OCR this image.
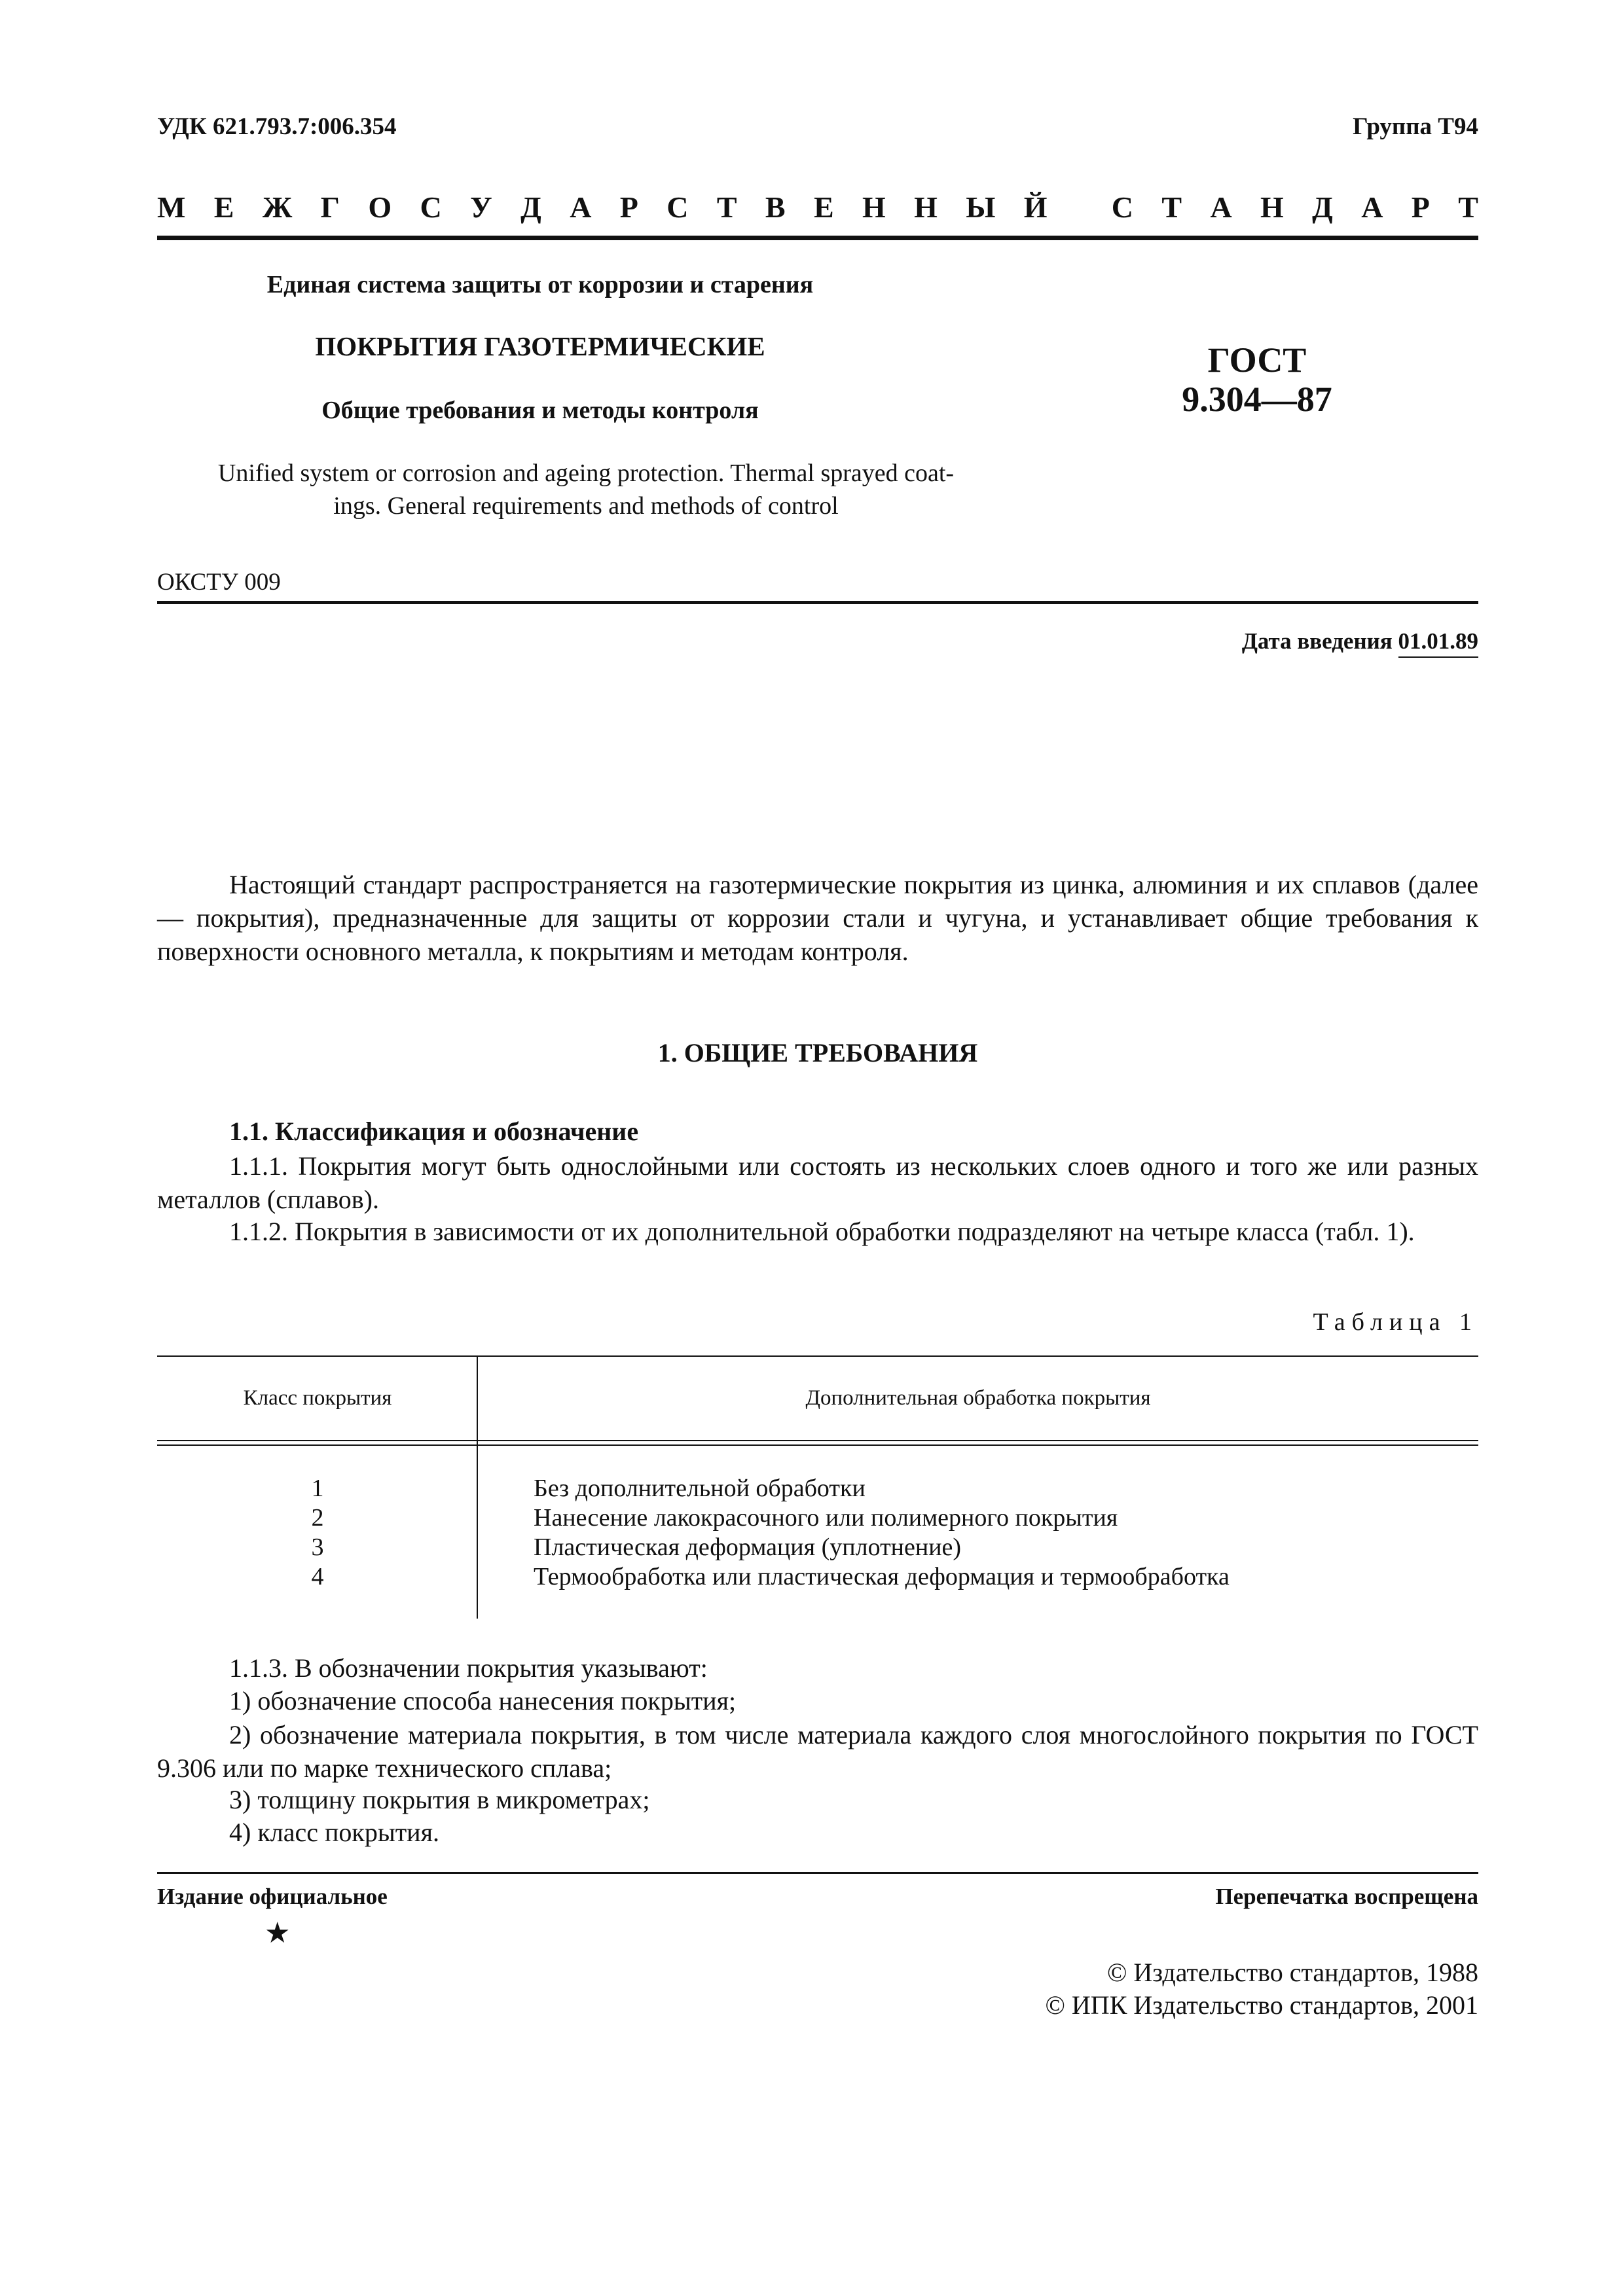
УДК 621.793.7:006.354	Группа Т94
М Е Ж Г О С У Д А Р С Т В Е Н Н Ы Й
С Т А Н Д А Р Т
Единая система защиты от коррозии и старения
ПОКРЫТИЯ ГАЗОТЕРМИЧЕСКИЕ
Общие требования и методы контроля
ГОСТ
9.304—87
Unified system or corrosion and ageing protection. Thermal sprayed coat-
ings. General requirements and methods of control
ОКСТУ 009
Дата введения 01.01.89
Настоящий стандарт распространяется на газотермические покрытия из цинка, алюминия и их сплавов (далее — покрытия), предназначенные для защиты от коррозии стали и чугуна, и устанавливает общие требования к поверхности основного металла, к покрытиям и методам контроля.
1. ОБЩИЕ ТРЕБОВАНИЯ
1.1. Классификация и обозначение
1.1.1. Покрытия могут быть однослойными или состоять из нескольких слоев одного и того же или разных металлов (сплавов).
1.1.2. Покрытия в зависимости от их дополнительной обработки подразделяют на четыре класса (табл. 1).
Таблица 1
Класс покрытия	Дополнительная обработка покрытия
1	Без дополнительной обработки
2	Нанесение лакокрасочного или полимерного покрытия
3	Пластическая деформация (уплотнение)
4	Термообработка или пластическая деформация и термообработка
1.1.3. В обозначении покрытия указывают:
1) обозначение способа нанесения покрытия;
2) обозначение материала покрытия, в том числе материала каждого слоя многослойного покрытия по ГОСТ 9.306 или по марке технического сплава;
3) толщину покрытия в микрометрах;
4) класс покрытия.
Издание официальное	Перепечатка воспрещена
★
© Издательство стандартов, 1988
© ИПК Издательство стандартов, 2001
